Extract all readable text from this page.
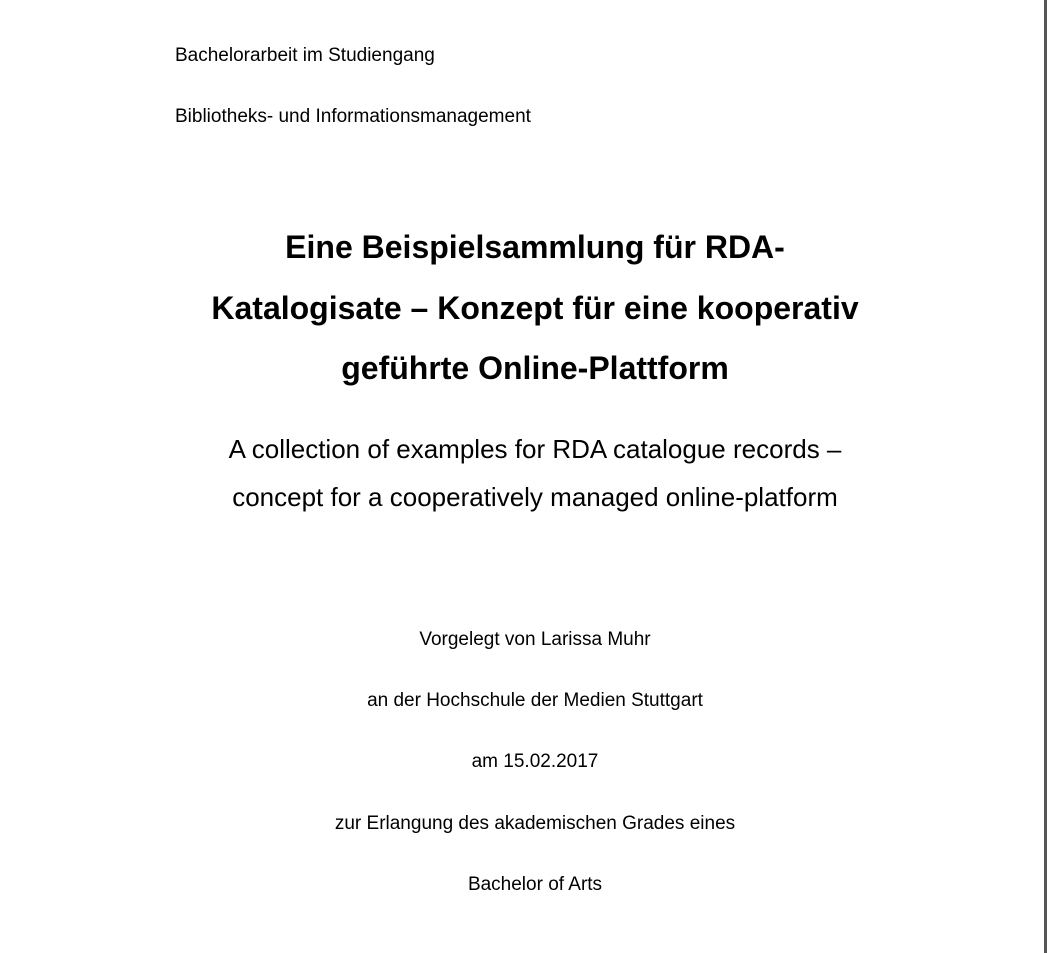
Bachelorarbeit im Studiengang
Bibliotheks- und Informationsmanagement
Eine Beispielsammlung für RDA-
Katalogisate – Konzept für eine kooperativ
geführte Online-Plattform
A collection of examples for RDA catalogue records –
concept for a cooperatively managed online-platform
Vorgelegt von Larissa Muhr
an der Hochschule der Medien Stuttgart
am 15.02.2017
zur Erlangung des akademischen Grades eines
Bachelor of Arts
